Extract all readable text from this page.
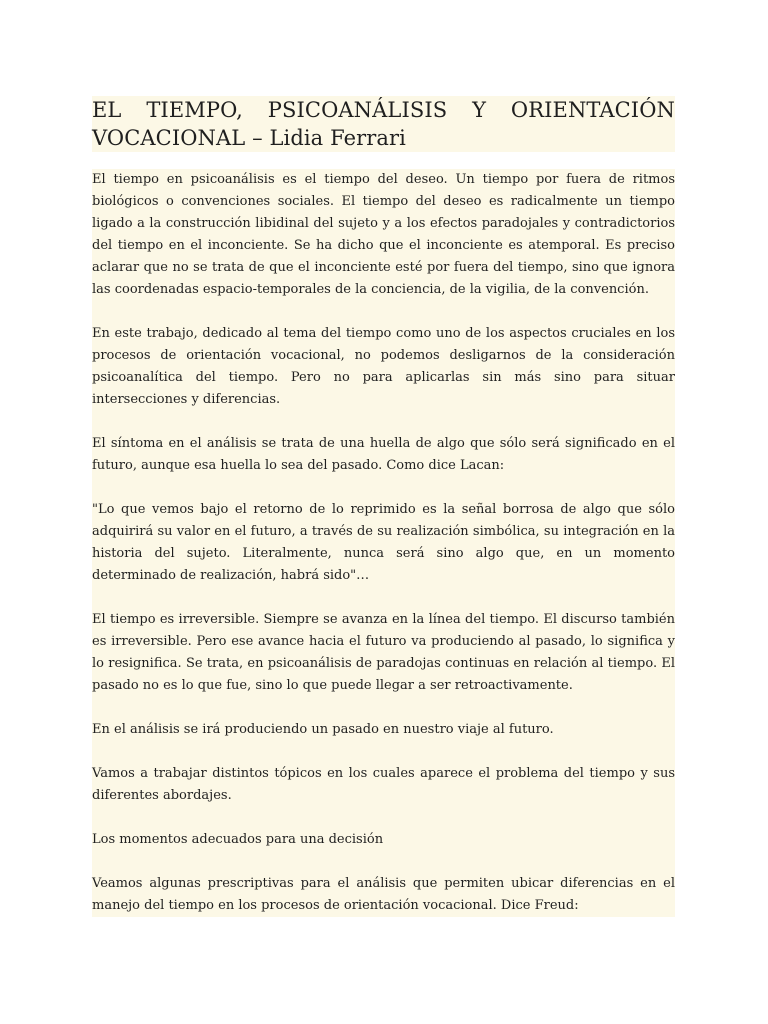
EL TIEMPO, PSICOANÁLISIS Y ORIENTACIÓN VOCACIONAL – Lidia Ferrari

El tiempo en psicoanálisis es el tiempo del deseo. Un tiempo por fuera de ritmos biológicos o convenciones sociales. El tiempo del deseo es radicalmente un tiempo ligado a la construcción libidinal del sujeto y a los efectos paradojales y contradictorios del tiempo en el inconciente. Se ha dicho que el inconciente es atemporal. Es preciso aclarar que no se trata de que el inconciente esté por fuera del tiempo, sino que ignora las coordenadas espacio-temporales de la conciencia, de la vigilia, de la convención.

En este trabajo, dedicado al tema del tiempo como uno de los aspectos cruciales en los procesos de orientación vocacional, no podemos desligarnos de la consideración psicoanalítica del tiempo. Pero no para aplicarlas sin más sino para situar intersecciones y diferencias.

El síntoma en el análisis se trata de una huella de algo que sólo será significado en el futuro, aunque esa huella lo sea del pasado. Como dice Lacan:

"Lo que vemos bajo el retorno de lo reprimido es la señal borrosa de algo que sólo adquirirá su valor en el futuro, a través de su realización simbólica, su integración en la historia del sujeto. Literalmente, nunca será sino algo que, en un momento determinado de realización, habrá sido"…

El tiempo es irreversible. Siempre se avanza en la línea del tiempo. El discurso también es irreversible. Pero ese avance hacia el futuro va produciendo al pasado, lo significa y lo resignifica. Se trata, en psicoanálisis de paradojas continuas en relación al tiempo. El pasado no es lo que fue, sino lo que puede llegar a ser retroactivamente.

En el análisis se irá produciendo un pasado en nuestro viaje al futuro.

Vamos a trabajar distintos tópicos en los cuales aparece el problema del tiempo y sus diferentes abordajes.

Los momentos adecuados para una decisión

Veamos algunas prescriptivas para el análisis que permiten ubicar diferencias en el manejo del tiempo en los procesos de orientación vocacional. Dice Freud:
